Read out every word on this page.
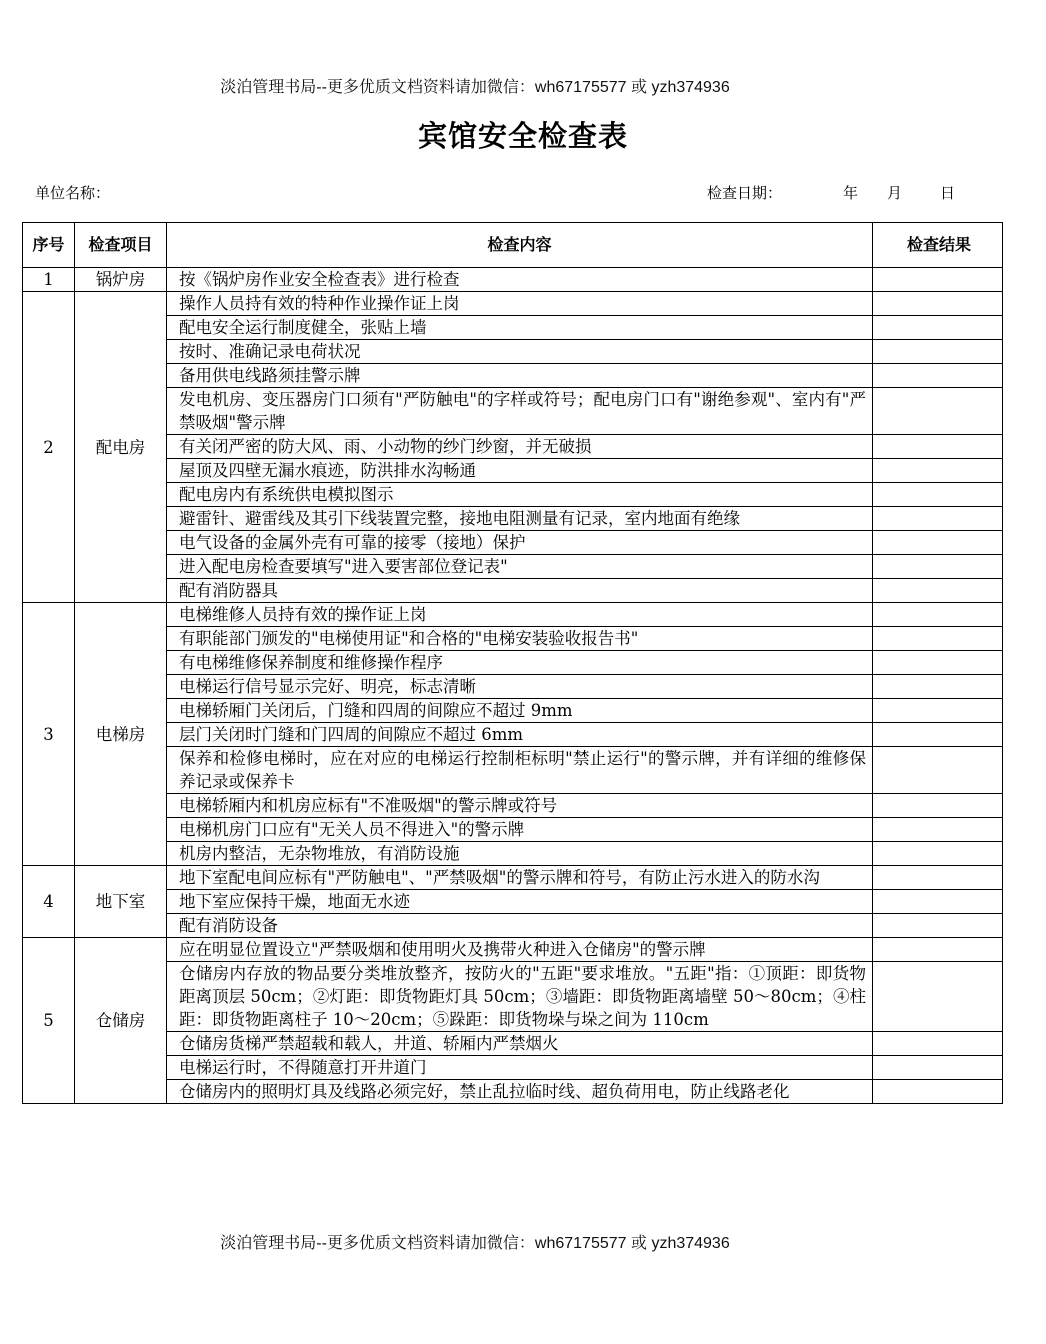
淡泊管理书局--更多优质文档资料请加微信：wh67175577 或 yzh374936
宾馆安全检查表
单位名称：	检查日期：	年 月	日
序号	检查项目	检查内容	检查结果
1	锅炉房	按《锅炉房作业安全检查表》进行检查	
2	配电房	操作人员持有效的特种作业操作证上岗	
		配电安全运行制度健全，张贴上墙	
		按时、准确记录电荷状况	
		备用供电线路须挂警示牌	
		发电机房、变压器房门口须有"严防触电"的字样或符号；配电房门口有"谢绝参观"、室内有"严禁吸烟"警示牌	
		有关闭严密的防大风、雨、小动物的纱门纱窗，并无破损	
		屋顶及四壁无漏水痕迹，防洪排水沟畅通	
		配电房内有系统供电模拟图示	
		避雷针、避雷线及其引下线装置完整，接地电阻测量有记录，室内地面有绝缘	
		电气设备的金属外壳有可靠的接零（接地）保护	
		进入配电房检查要填写"进入要害部位登记表"	
		配有消防器具	
3	电梯房	电梯维修人员持有效的操作证上岗	
		有职能部门颁发的"电梯使用证"和合格的"电梯安装验收报告书"	
		有电梯维修保养制度和维修操作程序	
		电梯运行信号显示完好、明亮，标志清晰	
		电梯轿厢门关闭后，门缝和四周的间隙应不超过 9mm	
		层门关闭时门缝和门四周的间隙应不超过 6mm	
		保养和检修电梯时，应在对应的电梯运行控制柜标明"禁止运行"的警示牌，并有详细的维修保养记录或保养卡	
		电梯轿厢内和机房应标有"不准吸烟"的警示牌或符号	
		电梯机房门口应有"无关人员不得进入"的警示牌	
		机房内整洁，无杂物堆放，有消防设施	
4	地下室	地下室配电间应标有"严防触电"、"严禁吸烟"的警示牌和符号，有防止污水进入的防水沟	
		地下室应保持干燥，地面无水迹	
		配有消防设备	
5	仓储房	应在明显位置设立"严禁吸烟和使用明火及携带火种进入仓储房"的警示牌	
		仓储房内存放的物品要分类堆放整齐，按防火的"五距"要求堆放。"五距"指：①顶距：即货物距离顶层 50cm；②灯距：即货物距灯具 50cm；③墙距：即货物距离墙壁 50～80cm；④柱距：即货物距离柱子 10～20cm；⑤跺距：即货物垛与垛之间为 110cm	
		仓储房货梯严禁超载和载人，井道、轿厢内严禁烟火	
		电梯运行时，不得随意打开井道门	
		仓储房内的照明灯具及线路必须完好，禁止乱拉临时线、超负荷用电，防止线路老化	
淡泊管理书局--更多优质文档资料请加微信：wh67175577 或 yzh374936
